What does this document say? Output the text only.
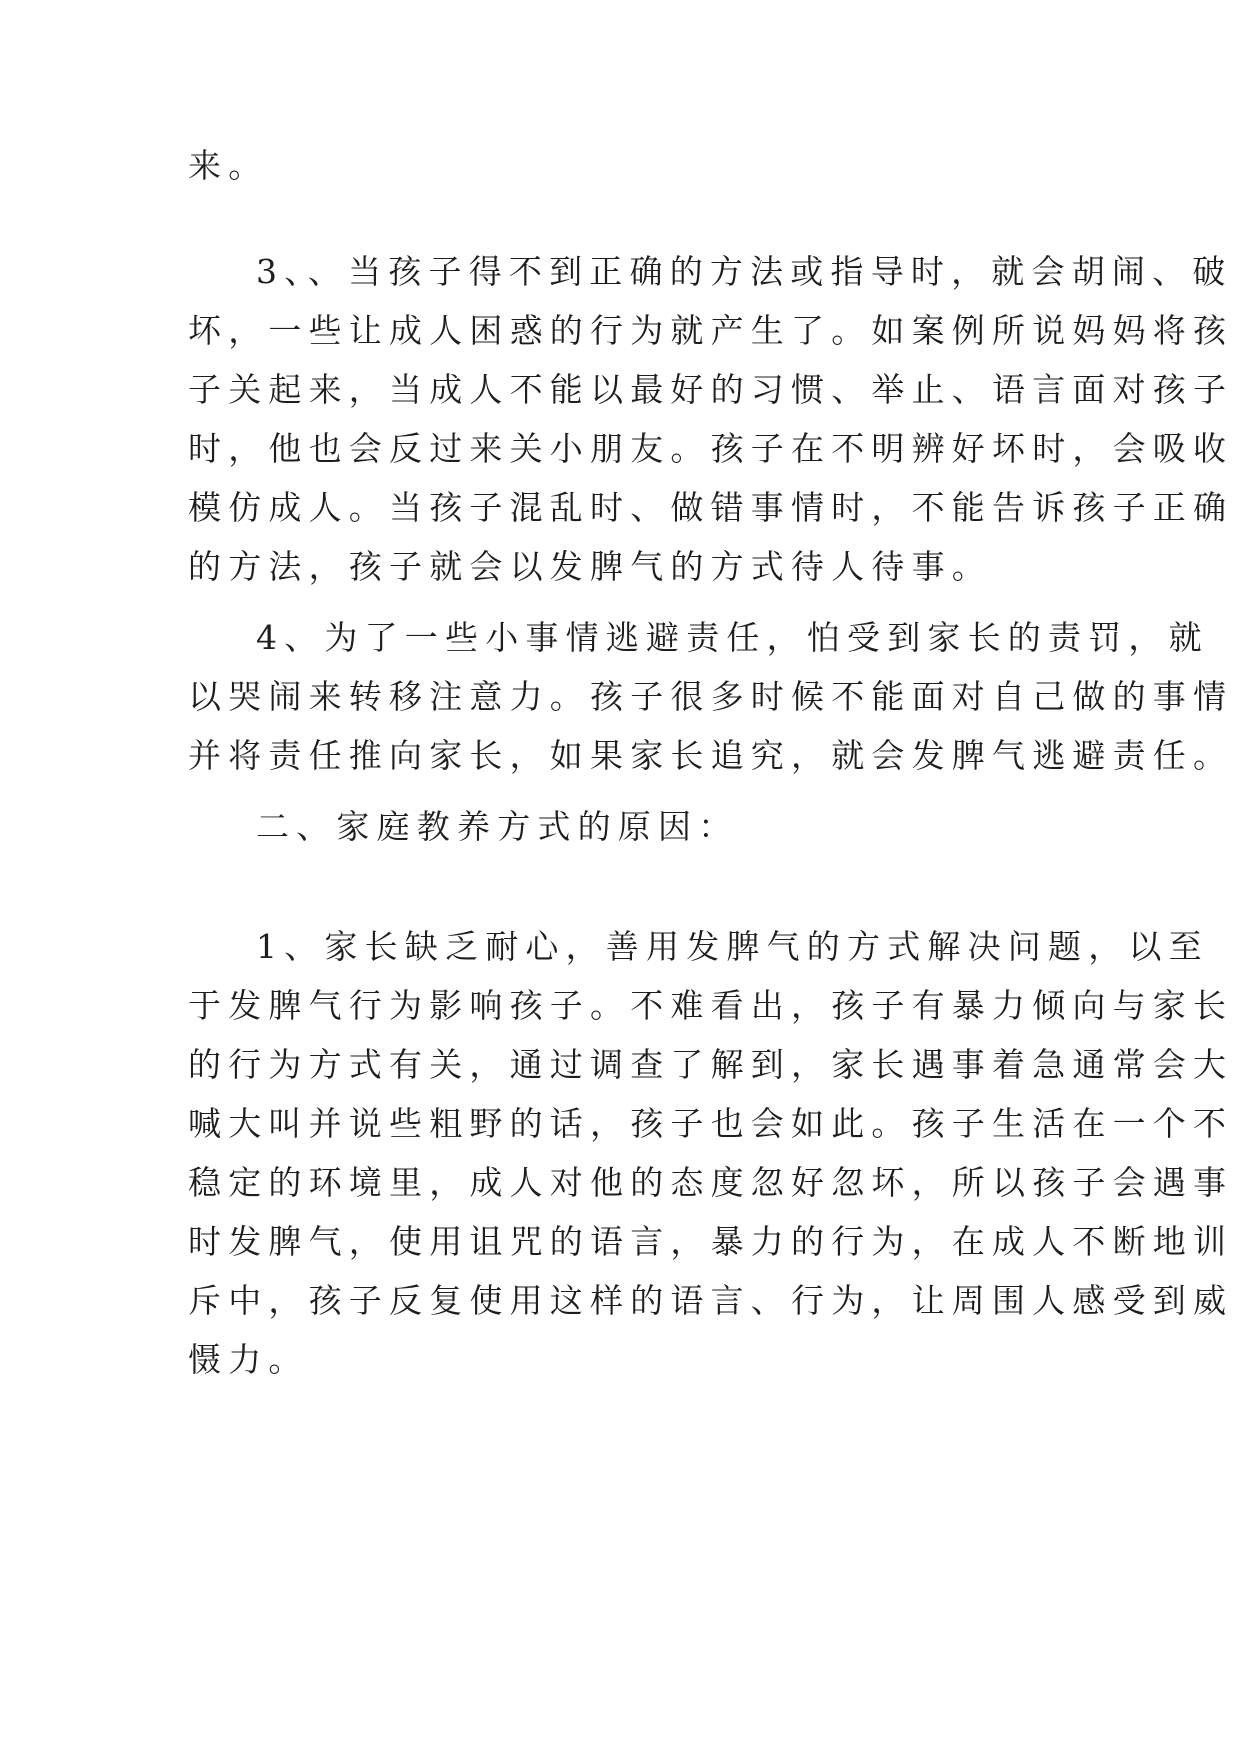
来。
3、、当孩子得不到正确的方法或指导时，就会胡闹、破
坏，一些让成人困惑的行为就产生了。如案例所说妈妈将孩
子关起来，当成人不能以最好的习惯、举止、语言面对孩子
时，他也会反过来关小朋友。孩子在不明辨好坏时，会吸收
模仿成人。当孩子混乱时、做错事情时，不能告诉孩子正确
的方法，孩子就会以发脾气的方式待人待事。
4、为了一些小事情逃避责任，怕受到家长的责罚，就
以哭闹来转移注意力。孩子很多时候不能面对自己做的事情
并将责任推向家长，如果家长追究，就会发脾气逃避责任。
二、家庭教养方式的原因：
1、家长缺乏耐心，善用发脾气的方式解决问题，以至
于发脾气行为影响孩子。不难看出，孩子有暴力倾向与家长
的行为方式有关，通过调查了解到，家长遇事着急通常会大
喊大叫并说些粗野的话，孩子也会如此。孩子生活在一个不
稳定的环境里，成人对他的态度忽好忽坏，所以孩子会遇事
时发脾气，使用诅咒的语言，暴力的行为，在成人不断地训
斥中，孩子反复使用这样的语言、行为，让周围人感受到威
慑力。
